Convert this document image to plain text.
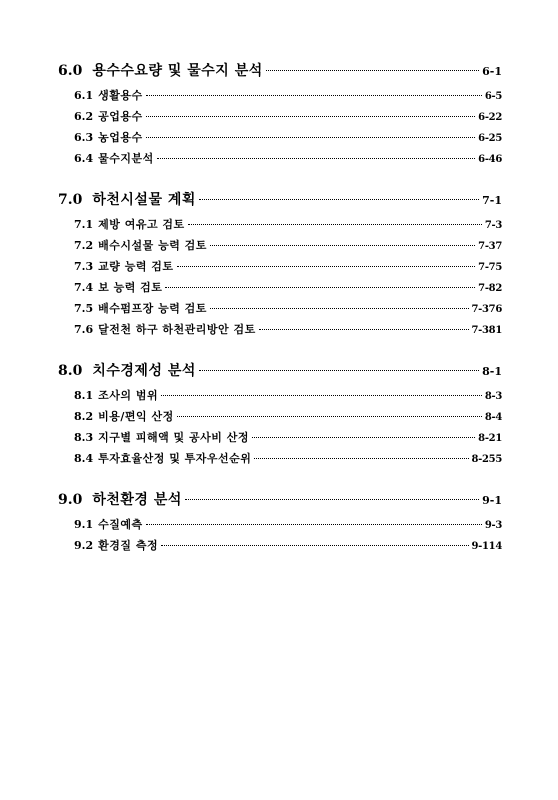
6.0 용수수요량 및 물수지 분석	6-1
6.1 생활용수	6-5
6.2 공업용수	6-22
6.3 농업용수	6-25
6.4 물수지분석	6-46
7.0 하천시설물 계획	7-1
7.1 제방 여유고 검토	7-3
7.2 배수시설물 능력 검토	7-37
7.3 교량 능력 검토	7-75
7.4 보 능력 검토	7-82
7.5 배수펌프장 능력 검토	7-376
7.6 달전천 하구 하천관리방안 검토	7-381
8.0 치수경제성 분석	8-1
8.1 조사의 범위	8-3
8.2 비용/편익 산정	8-4
8.3 지구별 피해액 및 공사비 산정	8-21
8.4 투자효율산정 및 투자우선순위	8-255
9.0 하천환경 분석	9-1
9.1 수질예측	9-3
9.2 환경질 측정	9-114
